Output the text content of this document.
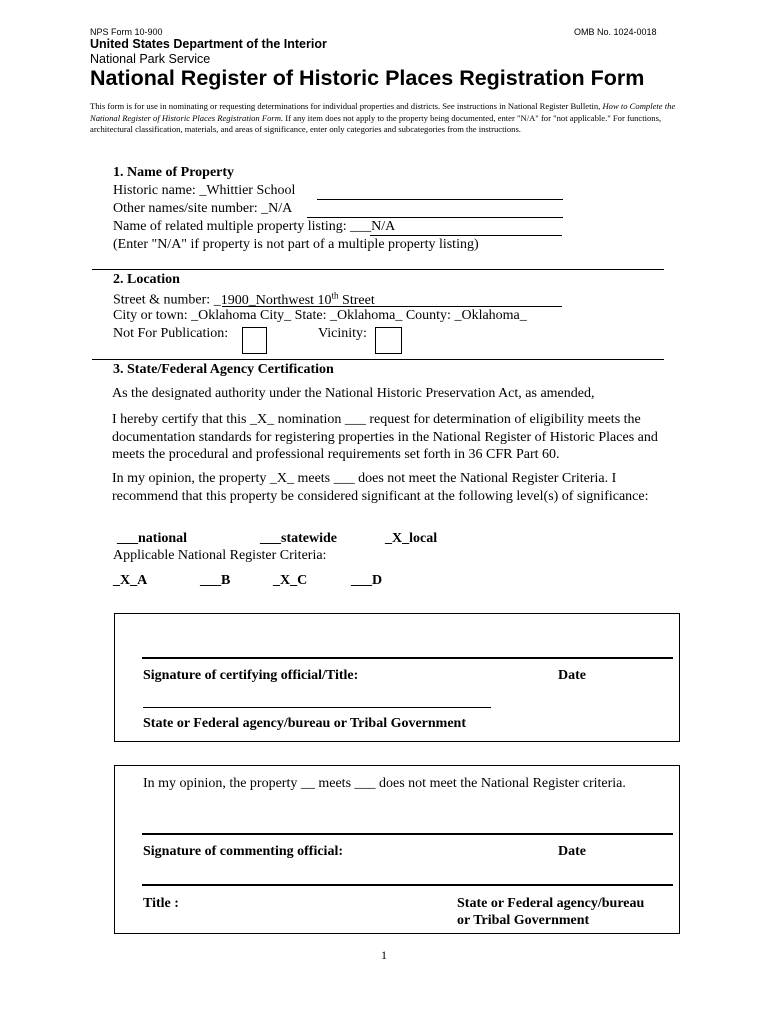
NPS Form 10-900	OMB No. 1024-0018
United States Department of the Interior
National Park Service
National Register of Historic Places Registration Form
This form is for use in nominating or requesting determinations for individual properties and districts. See instructions in National Register Bulletin, How to Complete the National Register of Historic Places Registration Form. If any item does not apply to the property being documented, enter "N/A" for "not applicable." For functions, architectural classification, materials, and areas of significance, enter only categories and subcategories from the instructions.
1. Name of Property
Historic name: _Whittier School
Other names/site number: _N/A
Name of related multiple property listing: ___N/A
(Enter "N/A" if property is not part of a multiple property listing)
2. Location
Street & number: _1900_Northwest 10th Street
City or town: _Oklahoma City_ State: _Oklahoma_ County: _Oklahoma_
Not For Publication:	Vicinity:
3. State/Federal Agency Certification
As the designated authority under the National Historic Preservation Act, as amended,
I hereby certify that this _X_ nomination ___ request for determination of eligibility meets the documentation standards for registering properties in the National Register of Historic Places and meets the procedural and professional requirements set forth in 36 CFR Part 60.
In my opinion, the property _X_ meets ___ does not meet the National Register Criteria. I recommend that this property be considered significant at the following level(s) of significance:
___national	___statewide	_X_local
Applicable National Register Criteria:
_X_A	___B	_X_C	___D
Signature of certifying official/Title:	Date
State or Federal agency/bureau or Tribal Government
In my opinion, the property __ meets ___ does not meet the National Register criteria.
Signature of commenting official:	Date
Title :	State or Federal agency/bureau
or Tribal Government
1
